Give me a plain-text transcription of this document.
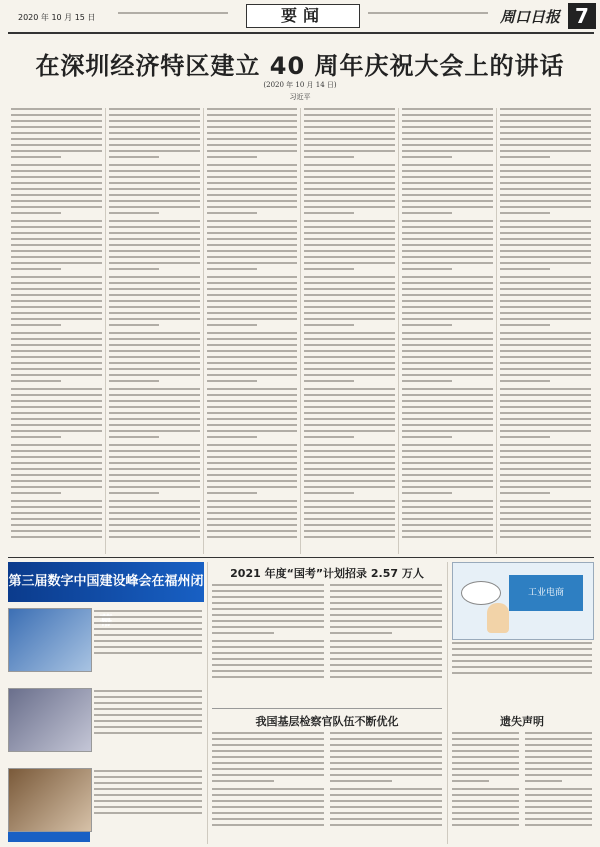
2020 年 10 月 15 日	要闻	周口日报 7
在深圳经济特区建立 40 周年庆祝大会上的讲话
(2020 年 10 月 14 日)
习近平
第三届数字中国建设峰会在福州闭
2021 年度“国考”计划招录 2.57 万人
我国基层检察官队伍不断优化
工业电商
遗失声明
